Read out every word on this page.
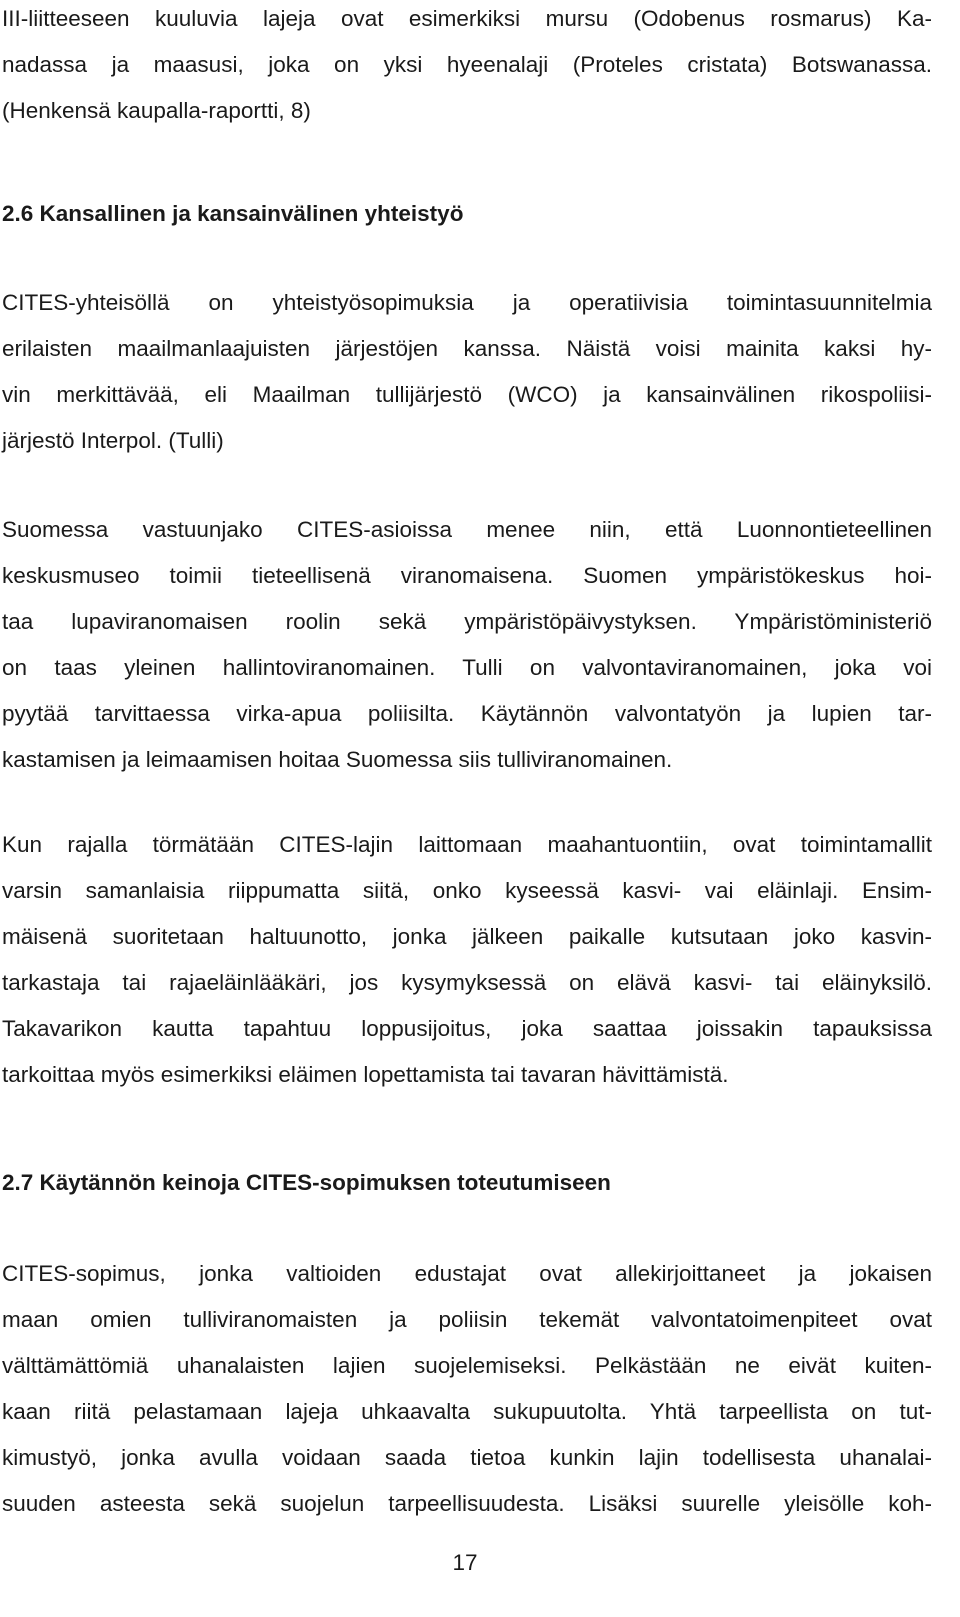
III-liitteeseen kuuluvia lajeja ovat esimerkiksi mursu (Odobenus rosmarus) Ka-
nadassa ja maasusi, joka on yksi hyeenalaji (Proteles cristata) Botswanassa.
(Henkensä kaupalla-raportti, 8)
2.6 Kansallinen ja kansainvälinen yhteistyö
CITES-yhteisöllä on yhteistyösopimuksia ja operatiivisia toimintasuunnitelmia
erilaisten maailmanlaajuisten järjestöjen kanssa. Näistä voisi mainita kaksi hy-
vin merkittävää, eli Maailman tullijärjestö (WCO) ja kansainvälinen rikospoliisi-
järjestö Interpol. (Tulli)
Suomessa vastuunjako CITES-asioissa menee niin, että Luonnontieteellinen
keskusmuseo toimii tieteellisenä viranomaisena. Suomen ympäristökeskus hoi-
taa lupaviranomaisen roolin sekä ympäristöpäivystyksen. Ympäristöministeriö
on taas yleinen hallintoviranomainen. Tulli on valvontaviranomainen, joka voi
pyytää tarvittaessa virka-apua poliisilta. Käytännön valvontatyön ja lupien tar-
kastamisen ja leimaamisen hoitaa Suomessa siis tulliviranomainen.
Kun rajalla törmätään CITES-lajin laittomaan maahantuontiin, ovat toimintamallit
varsin samanlaisia riippumatta siitä, onko kyseessä kasvi- vai eläinlaji. Ensim-
mäisenä suoritetaan haltuunotto, jonka jälkeen paikalle kutsutaan joko kasvin-
tarkastaja tai rajaeläinlääkäri, jos kysymyksessä on elävä kasvi- tai eläinyksilö.
Takavarikon kautta tapahtuu loppusijoitus, joka saattaa joissakin tapauksissa
tarkoittaa myös esimerkiksi eläimen lopettamista tai tavaran hävittämistä.
2.7 Käytännön keinoja CITES-sopimuksen toteutumiseen
CITES-sopimus, jonka valtioiden edustajat ovat allekirjoittaneet ja jokaisen
maan omien tulliviranomaisten ja poliisin tekemät valvontatoimenpiteet ovat
välttämättömiä uhanalaisten lajien suojelemiseksi. Pelkästään ne eivät kuiten-
kaan riitä pelastamaan lajeja uhkaavalta sukupuutolta. Yhtä tarpeellista on tut-
kimustyö, jonka avulla voidaan saada tietoa kunkin lajin todellisesta uhanalai-
suuden asteesta sekä suojelun tarpeellisuudesta. Lisäksi suurelle yleisölle koh-
17
